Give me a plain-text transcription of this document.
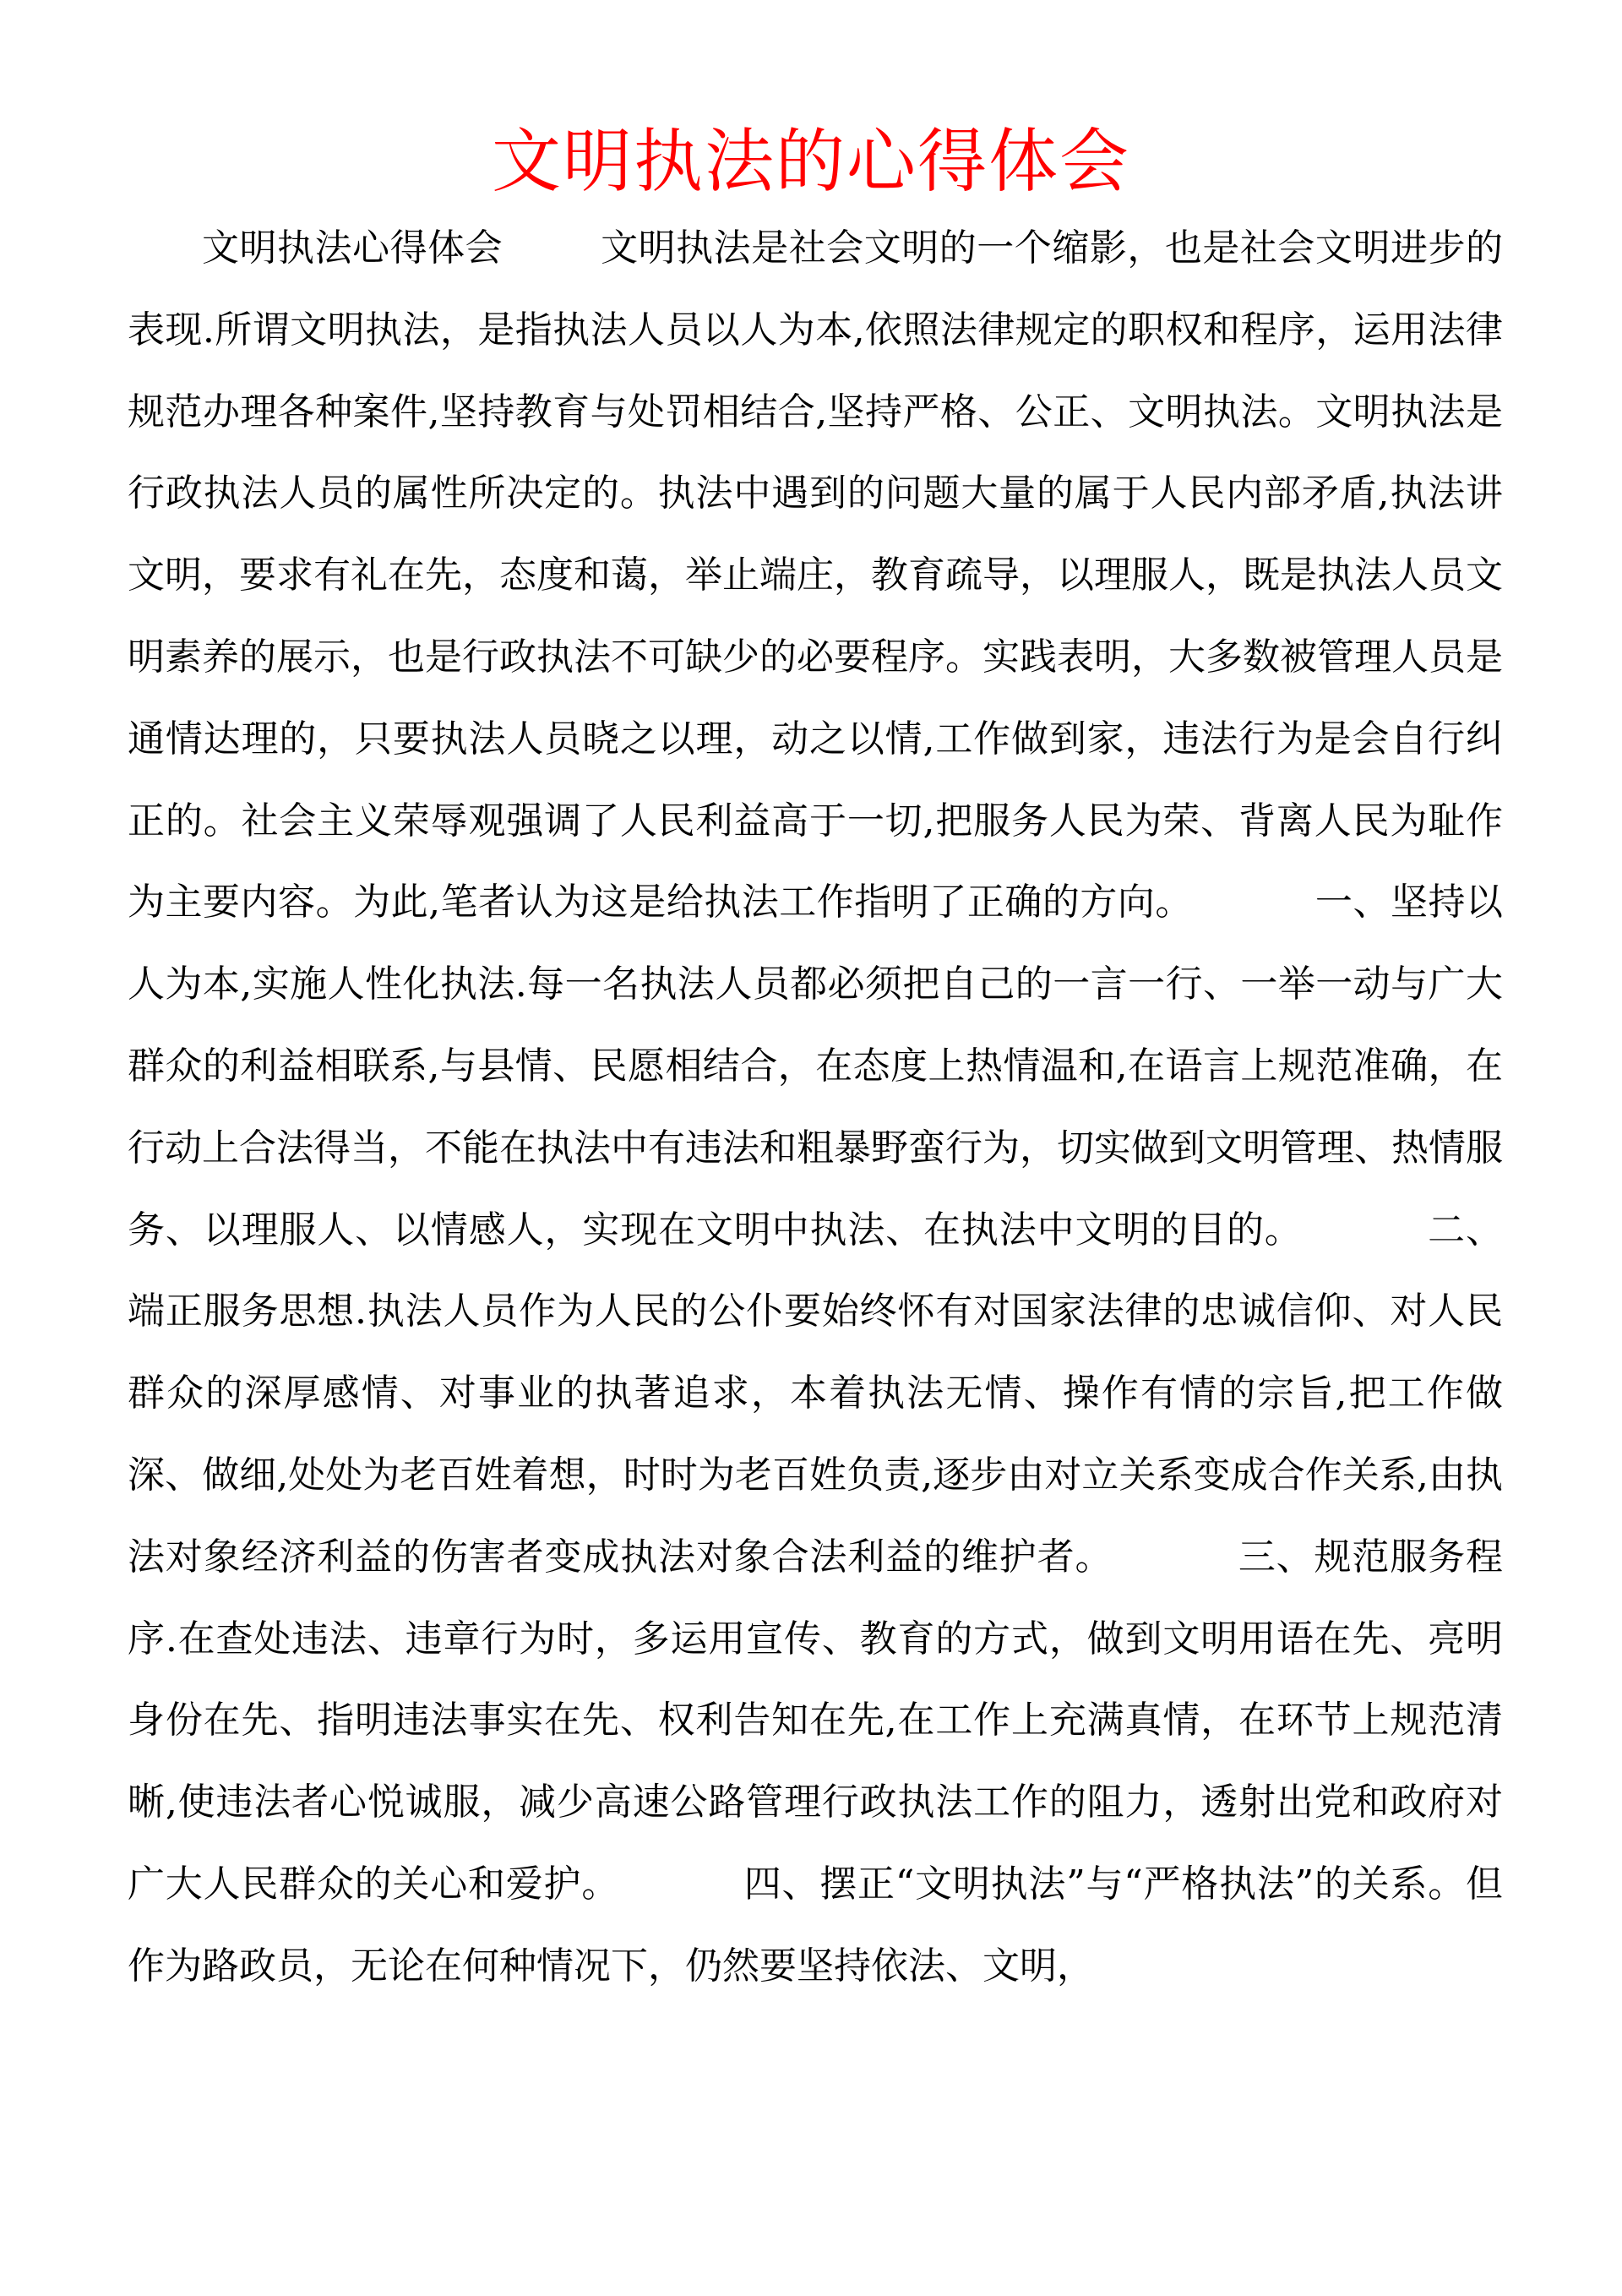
文明执法的心得体会

文明执法心得体会        文明执法是社会文明的一个缩影，也是社会文明进步的表现.所谓文明执法，是指执法人员以人为本,依照法律规定的职权和程序，运用法律规范办理各种案件,坚持教育与处罚相结合,坚持严格、公正、文明执法。文明执法是行政执法人员的属性所决定的。执法中遇到的问题大量的属于人民内部矛盾,执法讲文明，要求有礼在先，态度和蔼，举止端庄，教育疏导，以理服人，既是执法人员文明素养的展示，也是行政执法不可缺少的必要程序。实践表明，大多数被管理人员是通情达理的，只要执法人员晓之以理，动之以情,工作做到家，违法行为是会自行纠正的。社会主义荣辱观强调了人民利益高于一切,把服务人民为荣、背离人民为耻作为主要内容。为此,笔者认为这是给执法工作指明了正确的方向。          一、坚持以人为本,实施人性化执法.每一名执法人员都必须把自己的一言一行、一举一动与广大群众的利益相联系,与县情、民愿相结合，在态度上热情温和,在语言上规范准确，在行动上合法得当，不能在执法中有违法和粗暴野蛮行为，切实做到文明管理、热情服务、以理服人、以情感人，实现在文明中执法、在执法中文明的目的。          二、端正服务思想.执法人员作为人民的公仆要始终怀有对国家法律的忠诚信仰、对人民群众的深厚感情、对事业的执著追求，本着执法无情、操作有情的宗旨,把工作做深、做细,处处为老百姓着想，时时为老百姓负责,逐步由对立关系变成合作关系,由执法对象经济利益的伤害者变成执法对象合法利益的维护者。          三、规范服务程序.在查处违法、违章行为时，多运用宣传、教育的方式，做到文明用语在先、亮明身份在先、指明违法事实在先、权利告知在先,在工作上充满真情，在环节上规范清晰,使违法者心悦诚服，减少高速公路管理行政执法工作的阻力，透射出党和政府对广大人民群众的关心和爱护。          四、摆正“文明执法”与“严格执法”的关系。但作为路政员，无论在何种情况下，仍然要坚持依法、文明，
